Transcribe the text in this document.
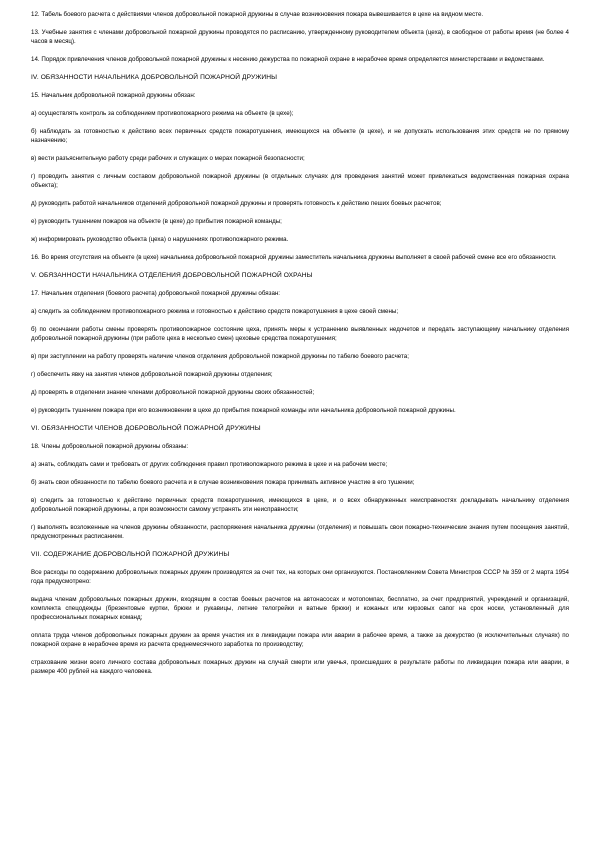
12. Табель боевого расчета с действиями членов добровольной пожарной дружины в случае возникновения пожара вывешивается в цехе на видном месте.

13. Учебные занятия с членами добровольной пожарной дружины проводятся по расписанию, утвержденному руководителем объекта (цеха), в свободное от работы время (не более 4 часов в месяц).

14. Порядок привлечения членов добровольной пожарной дружины к несению дежурства по пожарной охране в нерабочее время определяется министерствами и ведомствами.

IV. ОБЯЗАННОСТИ НАЧАЛЬНИКА ДОБРОВОЛЬНОЙ ПОЖАРНОЙ ДРУЖИНЫ

15. Начальник добровольной пожарной дружины обязан:

а) осуществлять контроль за соблюдением противопожарного режима на объекте (в цехе);

б) наблюдать за готовностью к действию всех первичных средств пожаротушения, имеющихся на объекте (в цехе), и не допускать использования этих средств не по прямому назначению;

в) вести разъяснительную работу среди рабочих и служащих о мерах пожарной безопасности;

г) проводить занятия с личным составом добровольной пожарной дружины (в отдельных случаях для проведения занятий может привлекаться ведомственная пожарная охрана объекта);

д) руководить работой начальников отделений добровольной пожарной дружины и проверять готовность к действию пеших боевых расчетов;

е) руководить тушением пожаров на объекте (в цехе) до прибытия пожарной команды;

ж) информировать руководство объекта (цеха) о нарушениях противопожарного режима.

16. Во время отсутствия на объекте (в цехе) начальника добровольной пожарной дружины заместитель начальника дружины выполняет в своей рабочей смене все его обязанности.

V. ОБЯЗАННОСТИ НАЧАЛЬНИКА ОТДЕЛЕНИЯ ДОБРОВОЛЬНОЙ ПОЖАРНОЙ ОХРАНЫ

17. Начальник отделения (боевого расчета) добровольной пожарной дружины обязан:

а) следить за соблюдением противопожарного режима и готовностью к действию средств пожаротушения в цехе своей смены;

б) по окончании работы смены проверять противопожарное состояние цеха, принять меры к устранению выявленных недочетов и передать заступающему начальнику отделения добровольной пожарной дружины (при работе цеха в несколько смен) цеховые средства пожаротушения;

в) при заступлении на работу проверять наличие членов отделения добровольной пожарной дружины по табелю боевого расчета;

г) обеспечить явку на занятия членов добровольной пожарной дружины отделения;

д) проверять в отделении знание членами добровольной пожарной дружины своих обязанностей;

е) руководить тушением пожара при его возникновении в цехе до прибытия пожарной команды или начальника добровольной пожарной дружины.

VI. ОБЯЗАННОСТИ ЧЛЕНОВ ДОБРОВОЛЬНОЙ ПОЖАРНОЙ ДРУЖИНЫ

18. Члены добровольной пожарной дружины обязаны:

а) знать, соблюдать сами и требовать от других соблюдения правил противопожарного режима в цехе и на рабочем месте;

б) знать свои обязанности по табелю боевого расчета и в случае возникновения пожара принимать активное участие в его тушении;

в) следить за готовностью к действию первичных средств пожаротушения, имеющихся в цехе, и о всех обнаруженных неисправностях докладывать начальнику отделения добровольной пожарной дружины, а при возможности самому устранять эти неисправности;

г) выполнять возложенные на членов дружины обязанности, распоряжения начальника дружины (отделения) и повышать свои пожарно-технические знания путем посещения занятий, предусмотренных расписанием.

VII. СОДЕРЖАНИЕ ДОБРОВОЛЬНОЙ ПОЖАРНОЙ ДРУЖИНЫ

Все расходы по содержанию добровольных пожарных дружин производятся за счет тех, на которых они организуются. Постановлением Совета Министров СССР № 359 от 2 марта 1954 года предусмотрено:

выдача членам добровольных пожарных дружин, входящим в состав боевых расчетов на автонасосах и мотопомпах, бесплатно, за счет предприятий, учреждений и организаций, комплекта спецодежды (брезентовые куртки, брюки и рукавицы, летние телогрейки и ватные брюки) и кожаных или кирзовых сапог на срок носки, установленный для профессиональных пожарных команд;

оплата труда членов добровольных пожарных дружин за время участия их в ликвидации пожара или аварии в рабочее время, а также за дежурство (в исключительных случаях) по пожарной охране в нерабочее время из расчета среднемесячного заработка по производству;

страхование жизни всего личного состава добровольных пожарных дружин на случай смерти или увечья, происшедших в результате работы по ликвидации пожара или аварии, в размере 400 рублей на каждого человека.
